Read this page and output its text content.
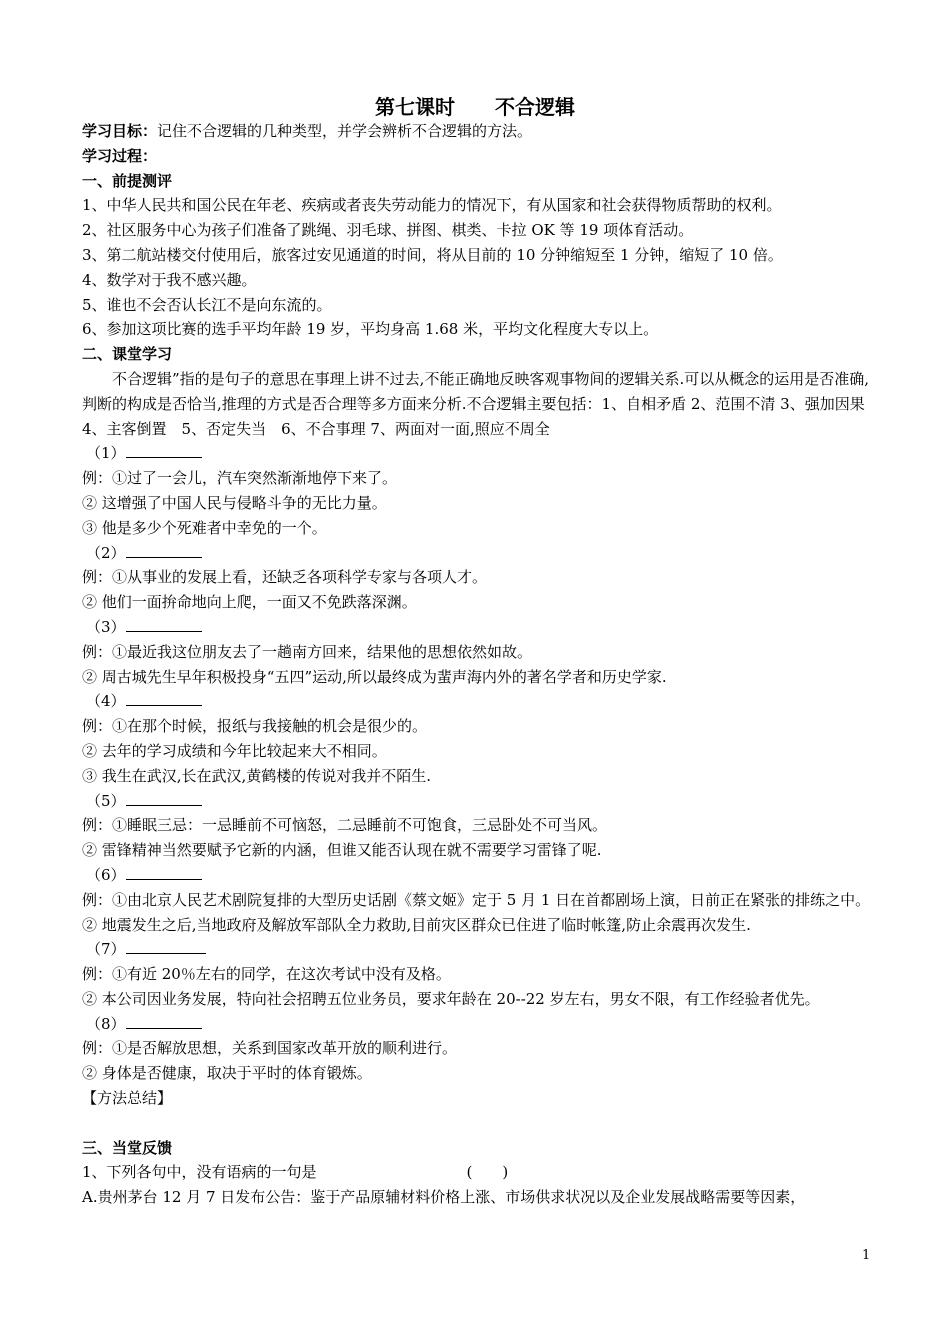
第七课时 不合逻辑

学习目标：记住不合逻辑的几种类型，并学会辨析不合逻辑的方法。

学习过程：

一、前提测评

1、中华人民共和国公民在年老、疾病或者丧失劳动能力的情况下，有从国家和社会获得物质帮助的权利。

2、社区服务中心为孩子们准备了跳绳、羽毛球、拼图、棋类、卡拉 OK 等 19 项体育活动。

3、第二航站楼交付使用后，旅客过安见通道的时间，将从目前的 10 分钟缩短至 1 分钟，缩短了 10 倍。

4、数学对于我不感兴趣。

5、谁也不会否认长江不是向东流的。

6、参加这项比赛的选手平均年龄 19 岁，平均身高 1.68 米，平均文化程度大专以上。

二、课堂学习

不合逻辑”指的是句子的意思在事理上讲不过去,不能正确地反映客观事物间的逻辑关系.可以从概念的运用是否准确,判断的构成是否恰当,推理的方式是否合理等多方面来分析.不合逻辑主要包括：1、自相矛盾 2、范围不清 3、强加因果 4、主客倒置　5、否定失当　6、不合事理 7、两面对一面,照应不周全

（1）

例：①过了一会儿，汽车突然渐渐地停下来了。

② 这增强了中国人民与侵略斗争的无比力量。

③ 他是多少个死难者中幸免的一个。

（2）

例：①从事业的发展上看，还缺乏各项科学专家与各项人才。

② 他们一面拚命地向上爬，一面又不免跌落深渊。

（3）

例：①最近我这位朋友去了一趟南方回来，结果他的思想依然如故。

② 周古城先生早年积极投身“五四”运动,所以最终成为蜚声海内外的著名学者和历史学家.

（4）

例：①在那个时候，报纸与我接触的机会是很少的。

② 去年的学习成绩和今年比较起来大不相同。

③ 我生在武汉,长在武汉,黄鹤楼的传说对我并不陌生.

（5）

例：①睡眠三忌：一忌睡前不可恼怒，二忌睡前不可饱食，三忌卧处不可当风。

② 雷锋精神当然要赋予它新的内涵，但谁又能否认现在就不需要学习雷锋了呢.

（6）

例：①由北京人民艺术剧院复排的大型历史话剧《蔡文姬》定于 5 月 1 日在首都剧场上演，日前正在紧张的排练之中。

② 地震发生之后,当地政府及解放军部队全力救助,目前灾区群众已住进了临时帐篷,防止余震再次发生.

（7）

例：①有近 20％左右的同学，在这次考试中没有及格。

② 本公司因业务发展，特向社会招聘五位业务员，要求年龄在 20--22 岁左右，男女不限，有工作经验者优先。

（8）

例：①是否解放思想，关系到国家改革开放的顺利进行。

② 身体是否健康，取决于平时的体育锻炼。

【方法总结】

三、当堂反馈

1、下列各句中，没有语病的一句是	(　　)

A.贵州茅台 12 月 7 日发布公告：鉴于产品原辅材料价格上涨、市场供求状况以及企业发展战略需要等因素，

1
